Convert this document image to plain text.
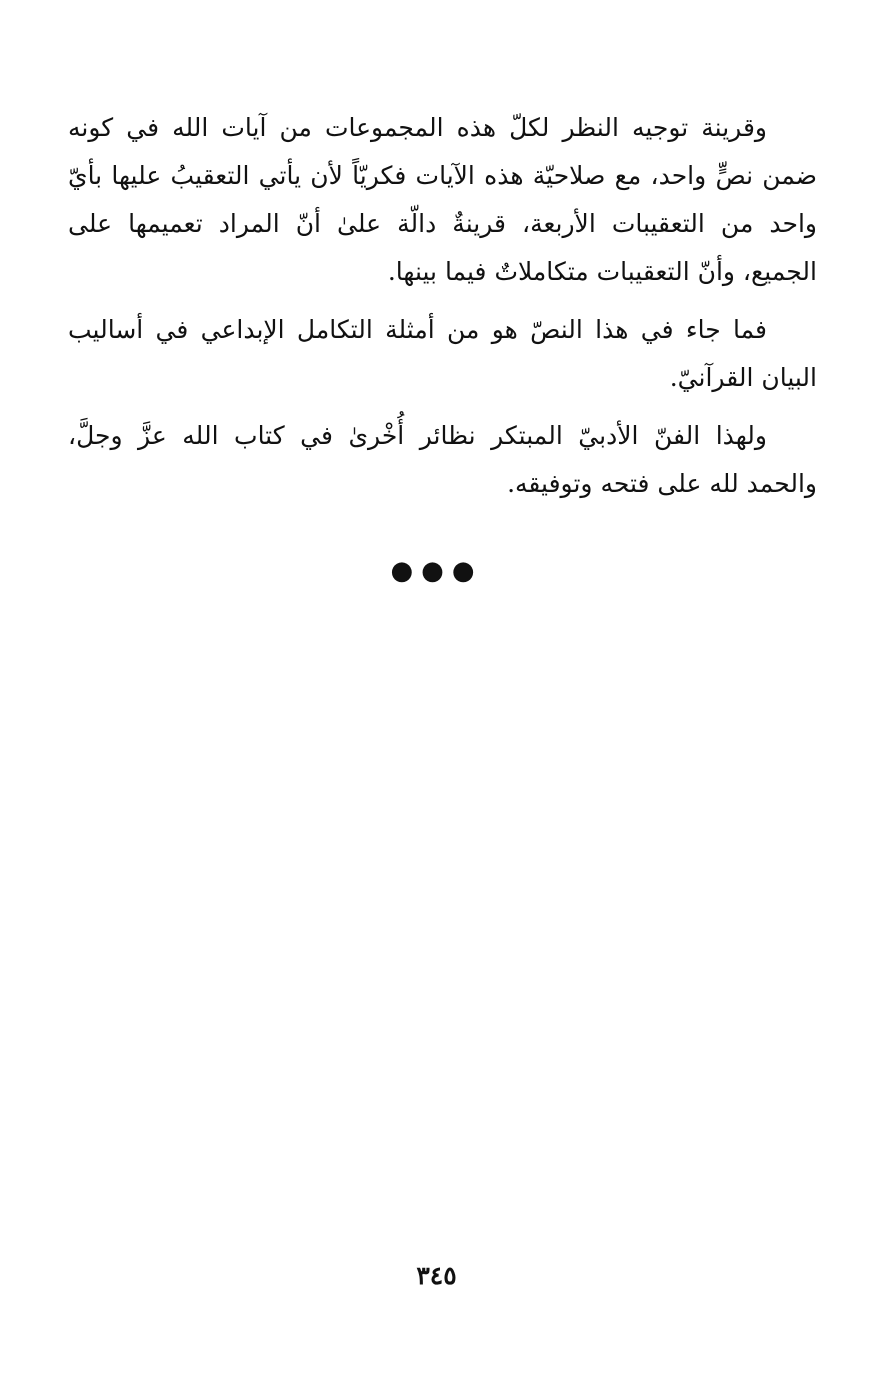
وقرينة توجيه النظر لكلّ هذه المجموعات من آيات الله في كونه ضمن نصٍّ واحد، مع صلاحيّة هذه الآيات فكريّاً لأن يأتي التعقيبُ عليها بأيّ واحد من التعقيبات الأربعة، قرينةٌ دالّة علىٰ أنّ المراد تعميمها على الجميع، وأنّ التعقيبات متكاملاتٌ فيما بينها.

فما جاء في هذا النصّ هو من أمثلة التكامل الإبداعي في أساليب البيان القرآنيّ.

ولهذا الفنّ الأدبيّ المبتكر نظائر أُخْرىٰ في كتاب الله عزَّ وجلَّ، والحمد لله على فتحه وتوفيقه.

●●●
٣٤٥
